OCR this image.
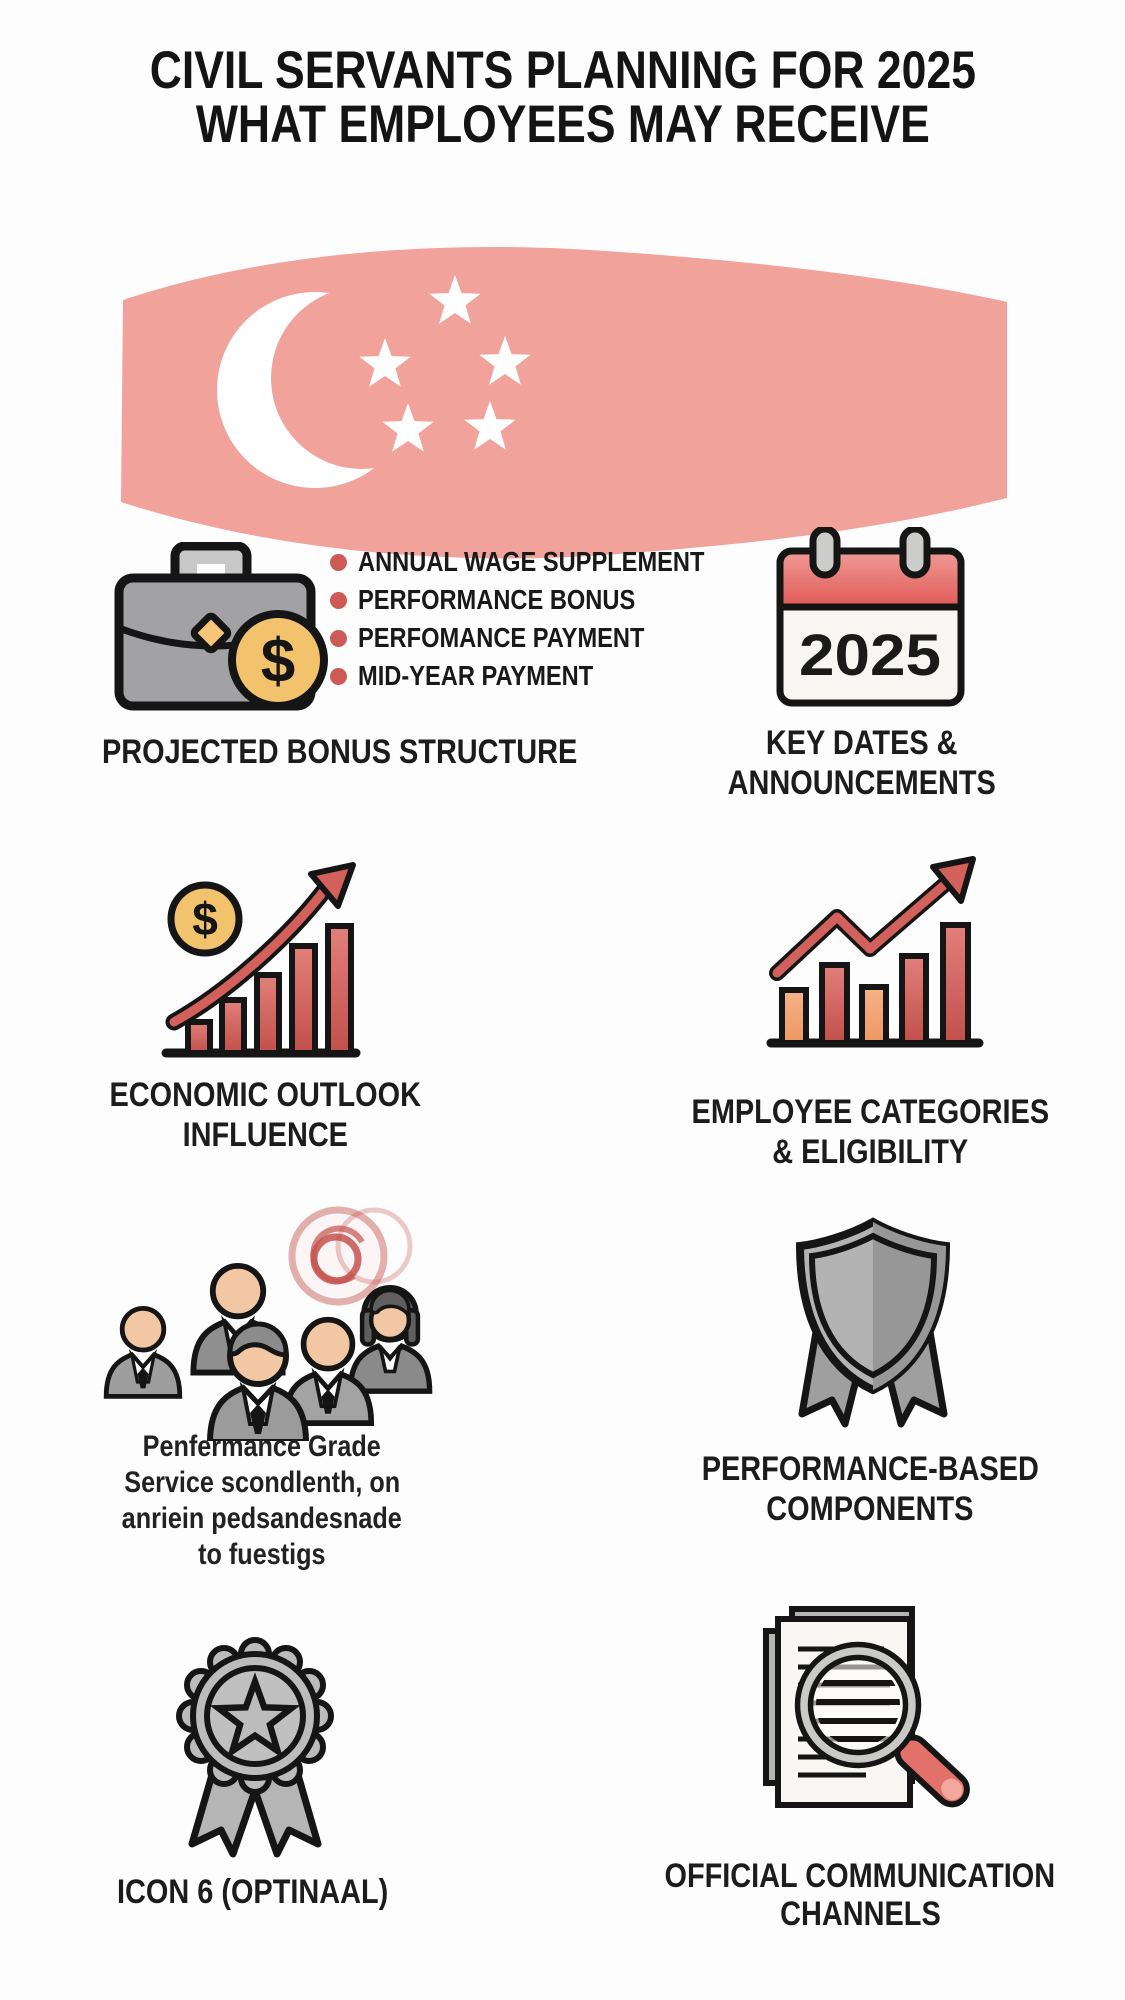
CIVIL SERVANTS PLANNING FOR 2025
WHAT EMPLOYEES MAY RECEIVE
$
ANNUAL WAGE SUPPLEMENT
PERFORMANCE BONUS
PERFOMANCE PAYMENT
MID-YEAR PAYMENT	2025
PROJECTED BONUS STRUCTURE	KEY DATES &
ANNOUNCEMENTS
$
ECONOMIC OUTLOOK
INFLUENCE
EMPLOYEE CATEGORIES
& ELIGIBILITY
Penfermance Grade
Service scondlenth, on
anriein pedsandesnade
to fuestigs
PERFORMANCE-BASED
COMPONENTS
ICON 6 (OPTINAAL)	OFFICIAL COMMUNICATION
CHANNELS
